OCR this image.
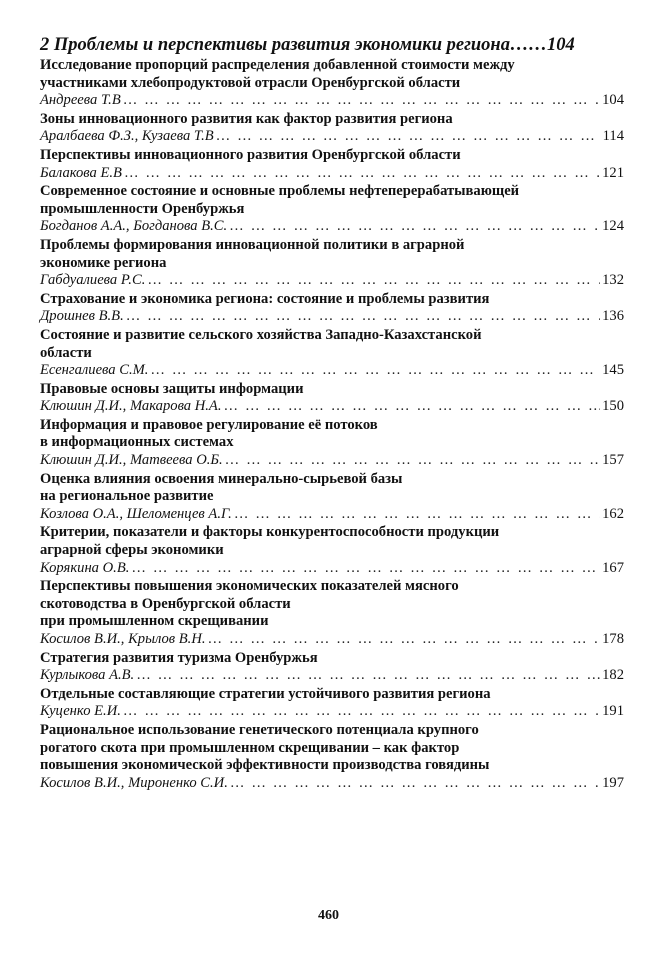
2 Проблемы и перспективы развития экономики региона……104
Исследование пропорций распределения добавленной стоимости между
участниками хлебопродуктовой отрасли Оренбургской области
Андреева Т.В … … … … … … … … … … … … … … … … … … … … … … … … … … … … … … … … … … … … … … … … … … … … … … … … … … … … … … … … … … … … … … …	104
Зоны инновационного развития как фактор развития региона
Аралбаева Ф.З., Кузаева Т.В … … … … … … … … … … … … … … … … … … … … … … … … … … … … … … … … … … … … … … … … … … … … … … … … … … … … … … … … … … … … … … …	114
Перспективы инновационного развития Оренбургской области
Балакова Е.В … … … … … … … … … … … … … … … … … … … … … … … … … … … … … … … … … … … … … … … … … … … … … … … … … … … … … … … … … … … … … … …	121
Современное состояние и основные проблемы нефтеперерабатывающей
промышленности Оренбуржья
Богданов А.А., Богданова В.С. … … … … … … … … … … … … … … … … … … … … … … … … … … … … … … … … … … … … … … … … … … … … … … … … … … … … … … … … … … … … … … …	124
Проблемы формирования инновационной политики в аграрной
экономике региона
Габдуалиева Р.С. … … … … … … … … … … … … … … … … … … … … … … … … … … … … … … … … … … … … … … … … … … … … … … … … … … … … … … … … … … … … … … …	132
Страхование и экономика региона: состояние и проблемы развития
Дрошнев В.В. … … … … … … … … … … … … … … … … … … … … … … … … … … … … … … … … … … … … … … … … … … … … … … … … … … … … … … … … … … … … … … …	136
Состояние и развитие сельского хозяйства Западно-Казахстанской
области
Есенгалиева С.М. … … … … … … … … … … … … … … … … … … … … … … … … … … … … … … … … … … … … … … … … … … … … … … … … … … … … … … … … … … … … … … …	145
Правовые основы защиты информации
Клюшин Д.И., Макарова Н.А. … … … … … … … … … … … … … … … … … … … … … … … … … … … … … … … … … … … … … … … … … … … … … … … … … … … … … … … … … … … … … … …	150
Информация и правовое регулирование её потоков
в информационных системах
Клюшин Д.И., Матвеева О.Б. … … … … … … … … … … … … … … … … … … … … … … … … … … … … … … … … … … … … … … … … … … … … … … … … … … … … … … … … … … … … … … …	157
Оценка влияния освоения минерально-сырьевой базы
на региональное развитие
Козлова О.А., Шеломенцев А.Г. … … … … … … … … … … … … … … … … … … … … … … … … … … … … … … … … … … … … … … … … … … … … … … … … … … … … … … … … … … … … … … …	162
Критерии, показатели и факторы конкурентоспособности продукции
аграрной сферы экономики
Корякина О.В. … … … … … … … … … … … … … … … … … … … … … … … … … … … … … … … … … … … … … … … … … … … … … … … … … … … … … … … … … … … … … … …	167
Перспективы повышения экономических показателей мясного
скотоводства в Оренбургской области
при промышленном скрещивании
Косилов В.И., Крылов В.Н. … … … … … … … … … … … … … … … … … … … … … … … … … … … … … … … … … … … … … … … … … … … … … … … … … … … … … … … … … … … … … … …	178
Стратегия развития туризма Оренбуржья
Курлыкова А.В. … … … … … … … … … … … … … … … … … … … … … … … … … … … … … … … … … … … … … … … … … … … … … … … … … … … … … … … … … … … … … … …	182
Отдельные составляющие стратегии устойчивого развития региона
Куценко Е.И. … … … … … … … … … … … … … … … … … … … … … … … … … … … … … … … … … … … … … … … … … … … … … … … … … … … … … … … … … … … … … … …	191
Рациональное использование генетического потенциала крупного
рогатого скота при промышленном скрещивании – как фактор
повышения экономической эффективности производства говядины
Косилов В.И., Мироненко С.И. … … … … … … … … … … … … … … … … … … … … … … … … … … … … … … … … … … … … … … … … … … … … … … … … … … … … … … … … … … … … … … …	197
460
